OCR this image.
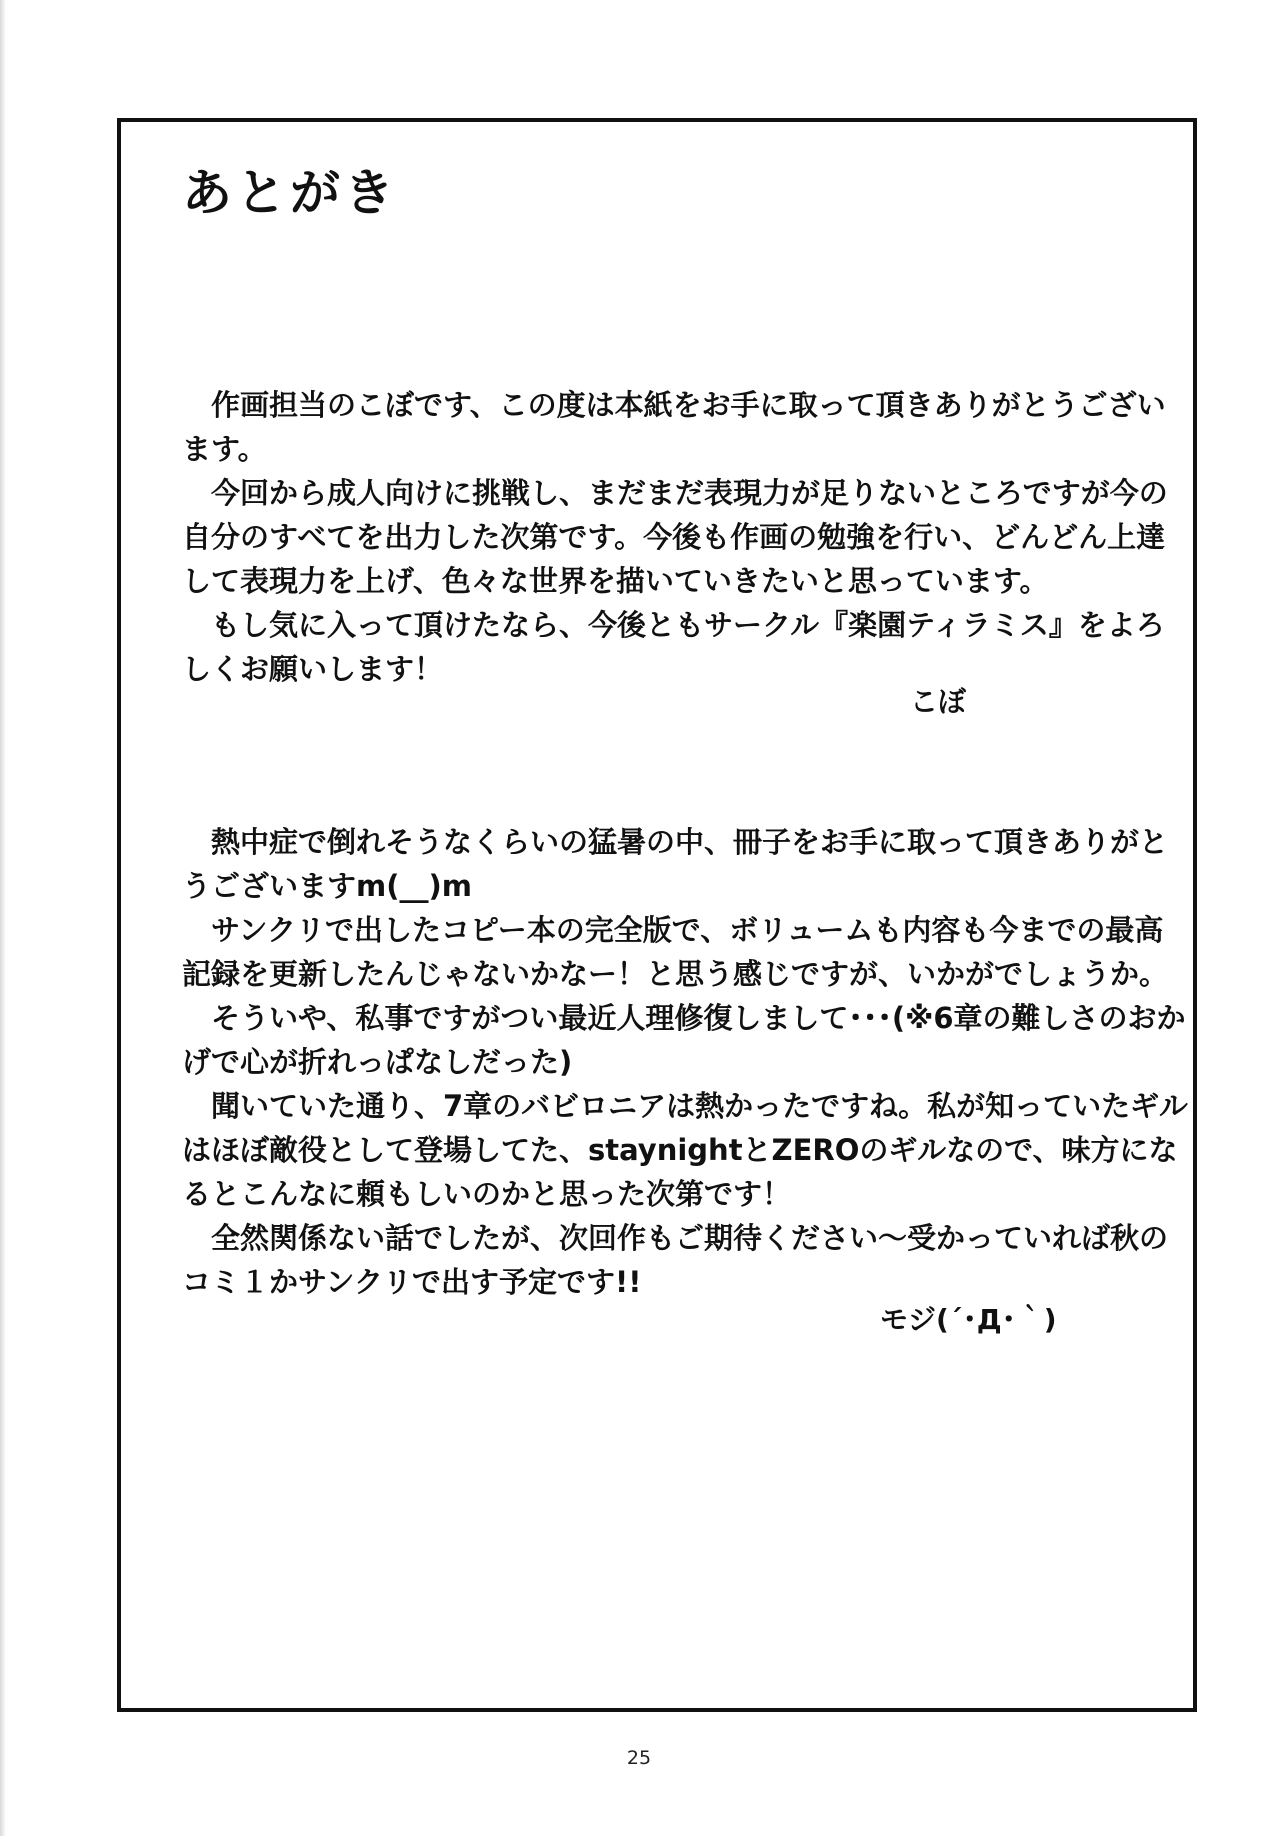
あとがき

作画担当のこぼです、この度は本紙をお手に取って頂きありがとうございます。

今回から成人向けに挑戦し、まだまだ表現力が足りないところですが今の自分のすべてを出力した次第です。今後も作画の勉強を行い、どんどん上達して表現力を上げ、色々な世界を描いていきたいと思っています。

もし気に入って頂けたなら、今後ともサークル『楽園ティラミス』をよろしくお願いします！

こぼ

熱中症で倒れそうなくらいの猛暑の中、冊子をお手に取って頂きありがとうございますm(__)m

サンクリで出したコピー本の完全版で、ボリュームも内容も今までの最高記録を更新したんじゃないかなー！と思う感じですが、いかがでしょうか。

そういや、私事ですがつい最近人理修復しまして･･･(※6章の難しさのおかげで心が折れっぱなしだった)

聞いていた通り、7章のバビロニアは熱かったですね。私が知っていたギルはほぼ敵役として登場してた、staynightとZEROのギルなので、味方になるとこんなに頼もしいのかと思った次第です！

全然関係ない話でしたが、次回作もご期待ください～受かっていれば秋のコミ１かサンクリで出す予定です!!

モジ(´･Д･｀)

25
